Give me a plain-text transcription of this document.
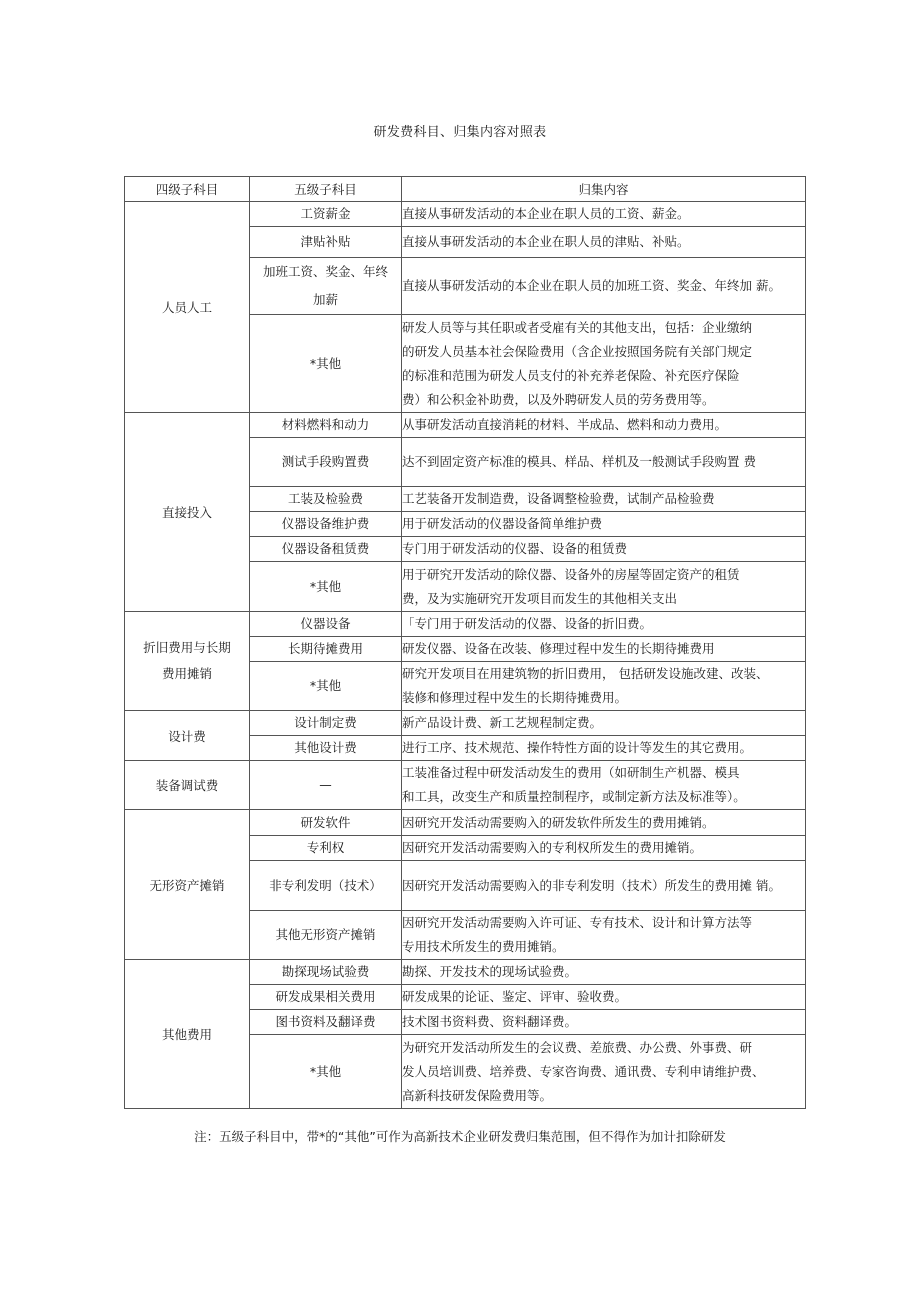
研发费科目、归集内容对照表
四级子科目	五级子科目	归集内容
人员人工	工资薪金	直接从事研发活动的本企业在职人员的工资、薪金。

	津贴补贴	直接从事研发活动的本企业在职人员的津贴、补贴。

	加班工资、奖金、年终加薪	直接从事研发活动的本企业在职人员的加班工资、奖金、年终加 薪。

	*其他	研发人员等与其任职或者受雇有关的其他支出，包括：企业缴纳
的研发人员基本社会保险费用（含企业按照国务院有关部门规定
的标准和范围为研发人员支付的补充养老保险、补充医疗保险
费）和公积金补助费，以及外聘研发人员的劳务费用等。

直接投入	材料燃料和动力	从事研发活动直接消耗的材料、半成品、燃料和动力费用。

	测试手段购置费	达不到固定资产标准的模具、样品、样机及一般测试手段购置 费

	工装及检验费	工艺装备开发制造费，设备调整检验费，试制产品检验费

	仪器设备维护费	用于研发活动的仪器设备简单维护费

	仪器设备租赁费	专门用于研发活动的仪器、设备的租赁费

	*其他	用于研究开发活动的除仪器、设备外的房屋等固定资产的租赁
费，及为实施研究开发项目而发生的其他相关支出

折旧费用与长期
费用摊销	仪器设备	「专门用于研发活动的仪器、设备的折旧费。

	长期待摊费用	研发仪器、设备在改装、修理过程中发生的长期待摊费用

	*其他	研究开发项目在用建筑物的折旧费用， 包括研发设施改建、改装、
装修和修理过程中发生的长期待摊费用。

设计费	设计制定费	新产品设计费、新工艺规程制定费。

	其他设计费	进行工序、技术规范、操作特性方面的设计等发生的其它费用。

装备调试费	—	工装准备过程中研发活动发生的费用（如研制生产机器、模具
和工具，改变生产和质量控制程序，或制定新方法及标准等）。

无形资产摊销	研发软件	因研究开发活动需要购入的研发软件所发生的费用摊销。

	专利权	因研究开发活动需要购入的专利权所发生的费用摊销。

	非专利发明（技术）	因研究开发活动需要购入的非专利发明（技术）所发生的费用摊 销。

	其他无形资产摊销	因研究开发活动需要购入许可证、专有技术、设计和计算方法等
专用技术所发生的费用摊销。

其他费用	勘探现场试验费	勘探、开发技术的现场试验费。

	研发成果相关费用	研发成果的论证、鉴定、评审、验收费。

	图书资料及翻译费	技术图书资料费、资料翻译费。

	*其他	为研究开发活动所发生的会议费、差旅费、办公费、外事费、研
发人员培训费、培养费、专家咨询费、通讯费、专利申请维护费、
高新科技研发保险费用等。
注：五级子科目中，带*的“其他”可作为高新技术企业研发费归集范围，但不得作为加计扣除研发
